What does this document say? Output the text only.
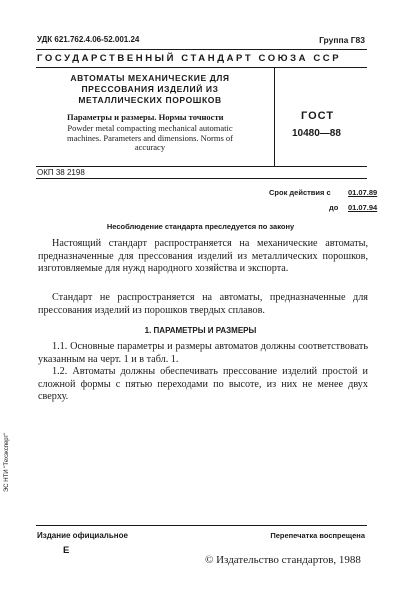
УДК 621.762.4.06-52.001.24	Группа Г83
ГОСУДАРСТВЕННЫЙ СТАНДАРТ СОЮЗА ССР
АВТОМАТЫ МЕХАНИЧЕСКИЕ ДЛЯ ПРЕССОВАНИЯ ИЗДЕЛИЙ ИЗ МЕТАЛЛИЧЕСКИХ ПОРОШКОВ
Параметры и размеры. Нормы точности
Powder metal compacting mechanical automatic machines. Parameters and dimensions. Norms of accuracy
ГОСТ
10480—88
ОКП 38 2198
Срок действия с 01.07.89
до 01.07.94
Несоблюдение стандарта преследуется по закону

Настоящий стандарт распространяется на механические автоматы, предназначенные для прессования изделий из металлических порошков, изготовляемые для нужд народного хозяйства и экспорта.

Стандарт не распространяется на автоматы, предназначенные для прессования изделий из порошков твердых сплавов.

1. ПАРАМЕТРЫ И РАЗМЕРЫ

1.1. Основные параметры и размеры автоматов должны соответствовать указанным на черт. 1 и в табл. 1.

1.2. Автоматы должны обеспечивать прессование изделий простой и сложной формы с пятью переходами по высоте, из них не менее двух сверху.

ЭС НТИ "Техэксперт"
Издание официальное	Перепечатка воспрещена
Е
© Издательство стандартов, 1988
